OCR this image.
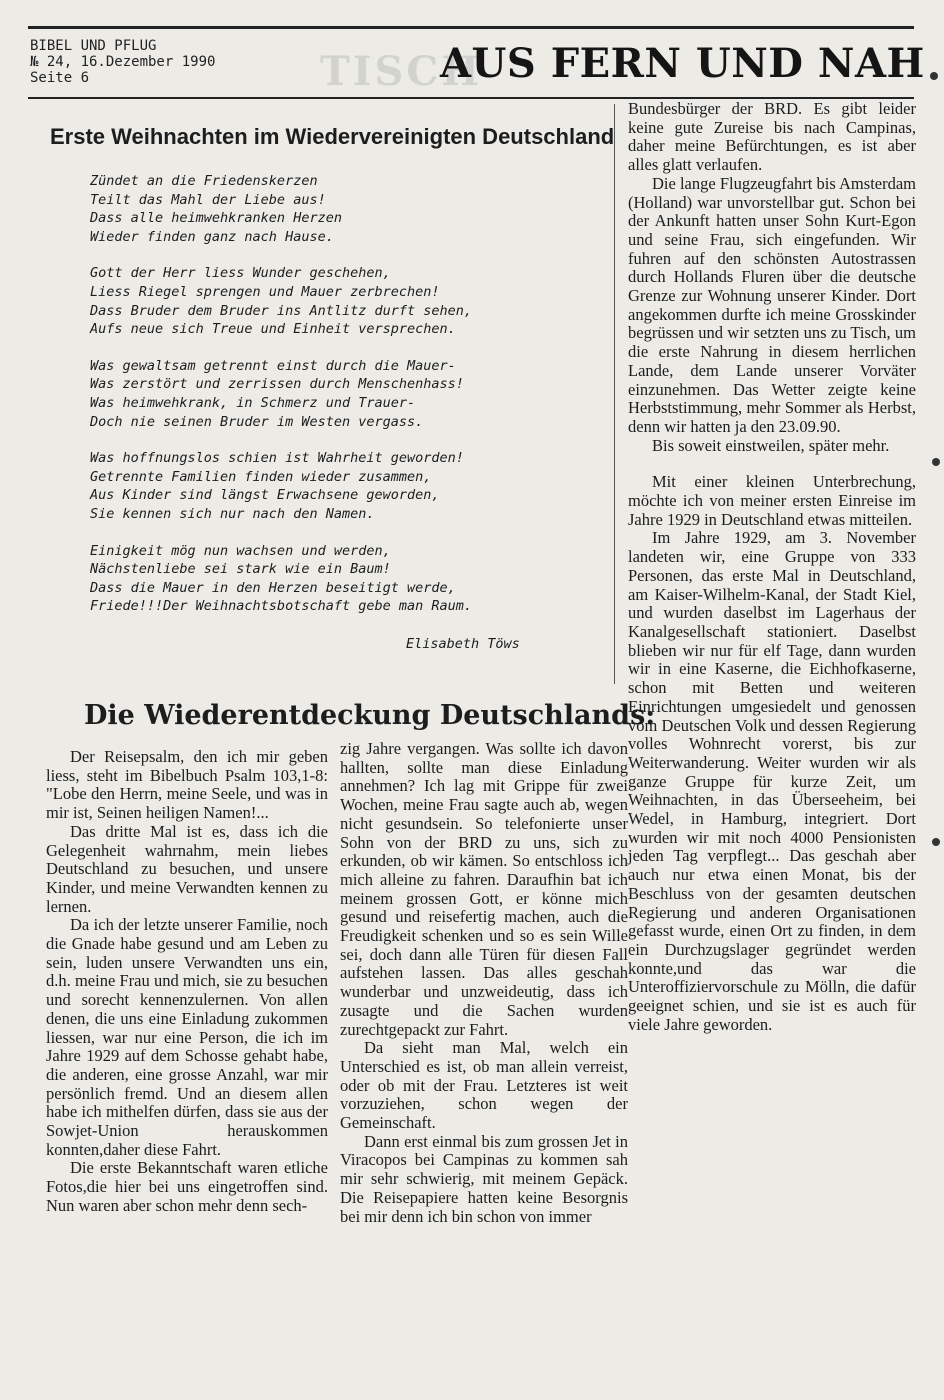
TISCH
BIBEL UND PFLUG
№ 24, 16.Dezember 1990
Seite 6	AUS FERN UND NAH
Erste Weihnachten im Wiedervereinigten Deutschland
Zündet an die Friedenskerzen
Teilt das Mahl der Liebe aus!
Dass alle heimwehkranken Herzen
Wieder finden ganz nach Hause.
Gott der Herr liess Wunder geschehen,
Liess Riegel sprengen und Mauer zerbrechen!
Dass Bruder dem Bruder ins Antlitz durft sehen,
Aufs neue sich Treue und Einheit versprechen.
Was gewaltsam getrennt einst durch die Mauer-
Was zerstört und zerrissen durch Menschenhass!
Was heimwehkrank, in Schmerz und Trauer-
Doch nie seinen Bruder im Westen vergass.
Was hoffnungslos schien ist Wahrheit geworden!
Getrennte Familien finden wieder zusammen,
Aus Kinder sind längst Erwachsene geworden,
Sie kennen sich nur nach den Namen.
Einigkeit mög nun wachsen und werden,
Nächstenliebe sei stark wie ein Baum!
Dass die Mauer in den Herzen beseitigt werde,
Friede!!!Der Weihnachtsbotschaft gebe man Raum.
Elisabeth Töws
Die Wiederentdeckung Deutschlands:

Der Reisepsalm, den ich mir geben liess, steht im Bibelbuch Psalm 103,1-8: "Lobe den Herrn, meine Seele, und was in mir ist, Seinen heiligen Namen!...

Das dritte Mal ist es, dass ich die Gelegenheit wahrnahm, mein liebes Deutschland zu besuchen, und unsere Kinder, und meine Verwandten kennen zu lernen.

Da ich der letzte unserer Familie, noch die Gnade habe gesund und am Leben zu sein, luden unsere Verwandten uns ein, d.h. meine Frau und mich, sie zu besuchen und sorecht kennenzulernen. Von allen denen, die uns eine Einladung zukommen liessen, war nur eine Person, die ich im Jahre 1929 auf dem Schosse gehabt habe, die anderen, eine grosse Anzahl, war mir persönlich fremd. Und an diesem allen habe ich mithelfen dürfen, dass sie aus der Sowjet-Union herauskommen konnten,daher diese Fahrt.

Die erste Bekanntschaft waren etliche Fotos,die hier bei uns eingetroffen sind. Nun waren aber schon mehr denn sech-

zig Jahre vergangen. Was sollte ich davon hallten, sollte man diese Einladung annehmen? Ich lag mit Grippe für zwei Wochen, meine Frau sagte auch ab, wegen nicht gesundsein. So telefonierte unser Sohn von der BRD zu uns, sich zu erkunden, ob wir kämen. So entschloss ich mich alleine zu fahren. Daraufhin bat ich meinem grossen Gott, er könne mich gesund und reisefertig machen, auch die Freudigkeit schenken und so es sein Wille sei, doch dann alle Türen für diesen Fall aufstehen lassen. Das alles geschah wunderbar und unzweideutig, dass ich zusagte und die Sachen wurden zurechtgepackt zur Fahrt.

Da sieht man Mal, welch ein Unterschied es ist, ob man allein verreist, oder ob mit der Frau. Letzteres ist weit vorzuziehen, schon wegen der Gemeinschaft.

Dann erst einmal bis zum grossen Jet in Viracopos bei Campinas zu kommen sah mir sehr schwierig, mit meinem Gepäck. Die Reisepapiere hatten keine Besorgnis bei mir denn ich bin schon von immer

Bundesbürger der BRD. Es gibt leider keine gute Zureise bis nach Campinas, daher meine Befürchtungen, es ist aber alles glatt verlaufen.

Die lange Flugzeugfahrt bis Amsterdam (Holland) war unvorstellbar gut. Schon bei der Ankunft hatten unser Sohn Kurt-Egon und seine Frau, sich eingefunden. Wir fuhren auf den schönsten Autostrassen durch Hollands Fluren über die deutsche Grenze zur Wohnung unserer Kinder. Dort angekommen durfte ich meine Grosskinder begrüssen und wir setzten uns zu Tisch, um die erste Nahrung in diesem herrlichen Lande, dem Lande unserer Vorväter einzunehmen. Das Wetter zeigte keine Herbststimmung, mehr Sommer als Herbst, denn wir hatten ja den 23.09.90.

Bis soweit einstweilen, später mehr.

Mit einer kleinen Unterbrechung, möchte ich von meiner ersten Einreise im Jahre 1929 in Deutschland etwas mitteilen.

Im Jahre 1929, am 3. November landeten wir, eine Gruppe von 333 Personen, das erste Mal in Deutschland, am Kaiser-Wilhelm-Kanal, der Stadt Kiel, und wurden daselbst im Lagerhaus der Kanalgesellschaft stationiert. Daselbst blieben wir nur für elf Tage, dann wurden wir in eine Kaserne, die Eichhofkaserne, schon mit Betten und weiteren Einrichtungen umgesiedelt und genossen vom Deutschen Volk und dessen Regierung volles Wohnrecht vorerst, bis zur Weiterwanderung. Weiter wurden wir als ganze Gruppe für kurze Zeit, um Weihnachten, in das Überseeheim, bei Wedel, in Hamburg, integriert. Dort wurden wir mit noch 4000 Pensionisten jeden Tag verpflegt... Das geschah aber auch nur etwa einen Monat, bis der Beschluss von der gesamten deutschen Regierung und anderen Organisationen gefasst wurde, einen Ort zu finden, in dem ein Durchzugslager gegründet werden konnte,und das war die Unteroffiziervorschule zu Mölln, die dafür geeignet schien, und sie ist es auch für viele Jahre geworden.
